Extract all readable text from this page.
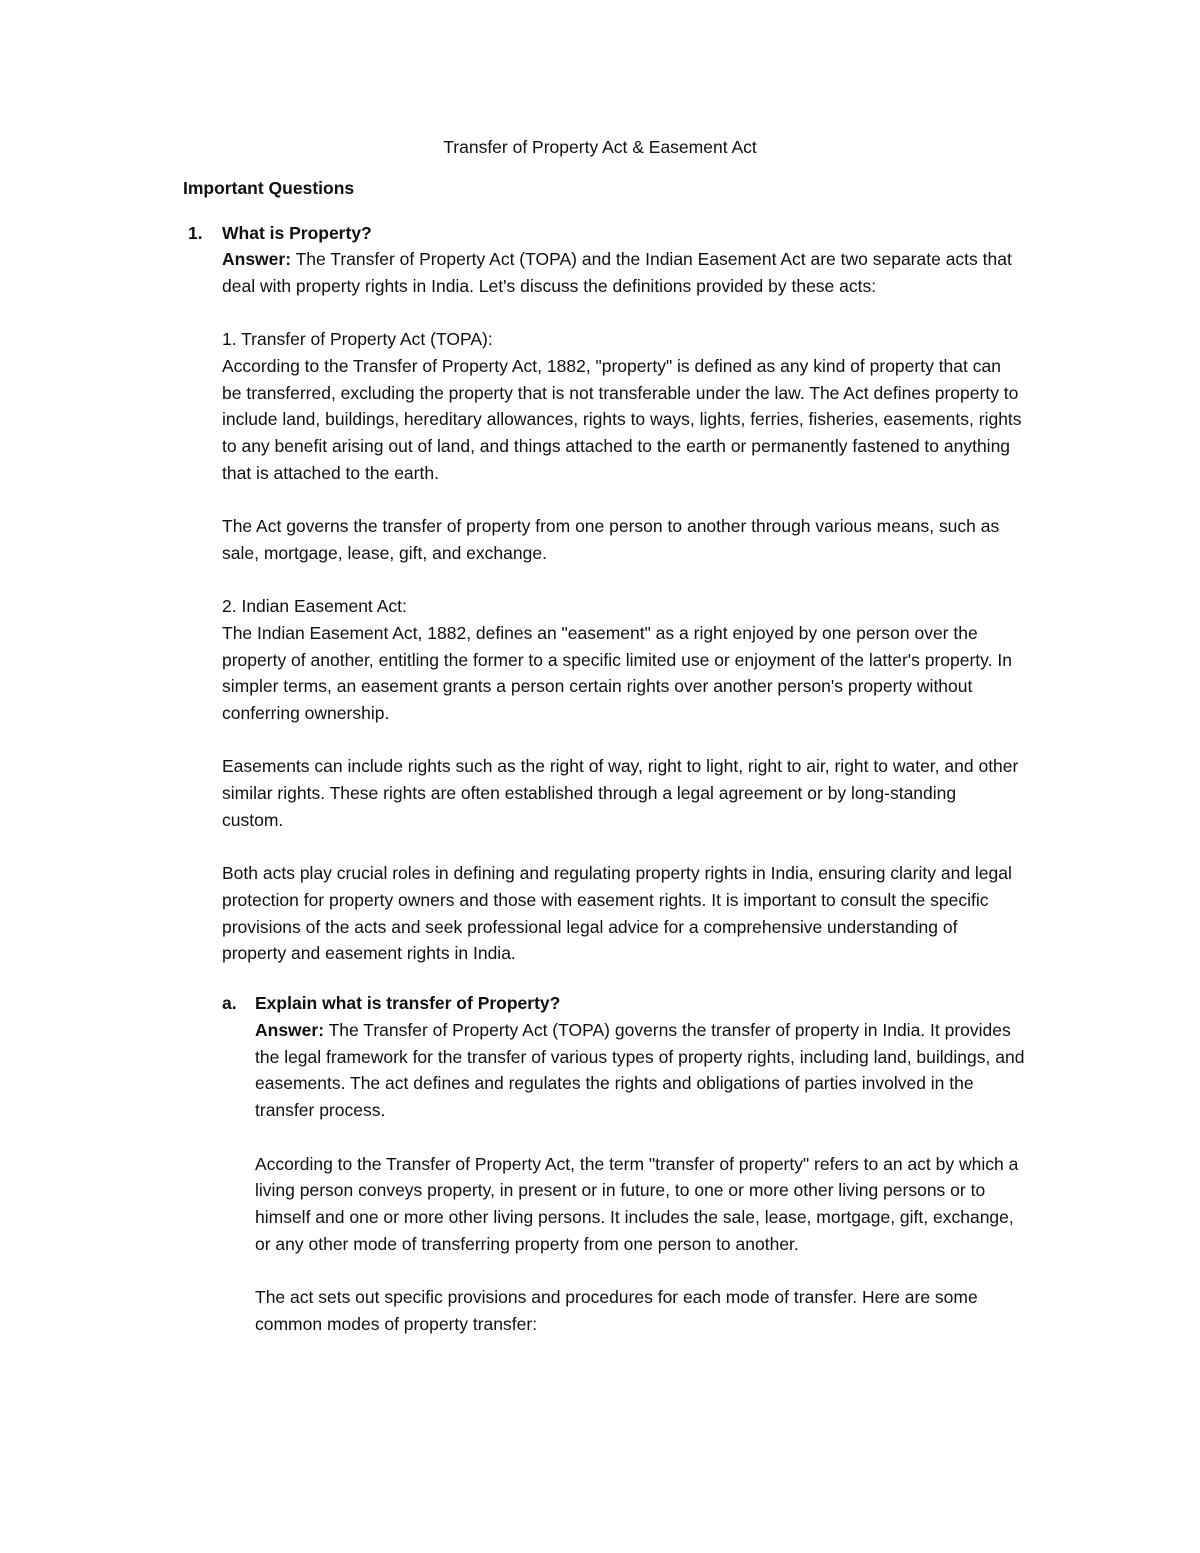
Transfer of Property Act & Easement Act
Important Questions
1. What is Property?

Answer: The Transfer of Property Act (TOPA) and the Indian Easement Act are two separate acts that deal with property rights in India. Let's discuss the definitions provided by these acts:

1. Transfer of Property Act (TOPA):

According to the Transfer of Property Act, 1882, "property" is defined as any kind of property that can be transferred, excluding the property that is not transferable under the law. The Act defines property to include land, buildings, hereditary allowances, rights to ways, lights, ferries, fisheries, easements, rights to any benefit arising out of land, and things attached to the earth or permanently fastened to anything that is attached to the earth.

The Act governs the transfer of property from one person to another through various means, such as sale, mortgage, lease, gift, and exchange.

2. Indian Easement Act:

The Indian Easement Act, 1882, defines an "easement" as a right enjoyed by one person over the property of another, entitling the former to a specific limited use or enjoyment of the latter's property. In simpler terms, an easement grants a person certain rights over another person's property without conferring ownership.

Easements can include rights such as the right of way, right to light, right to air, right to water, and other similar rights. These rights are often established through a legal agreement or by long-standing custom.

Both acts play crucial roles in defining and regulating property rights in India, ensuring clarity and legal protection for property owners and those with easement rights. It is important to consult the specific provisions of the acts and seek professional legal advice for a comprehensive understanding of property and easement rights in India.

a. Explain what is transfer of Property?

Answer: The Transfer of Property Act (TOPA) governs the transfer of property in India. It provides the legal framework for the transfer of various types of property rights, including land, buildings, and easements. The act defines and regulates the rights and obligations of parties involved in the transfer process.

According to the Transfer of Property Act, the term "transfer of property" refers to an act by which a living person conveys property, in present or in future, to one or more other living persons or to himself and one or more other living persons. It includes the sale, lease, mortgage, gift, exchange, or any other mode of transferring property from one person to another.

The act sets out specific provisions and procedures for each mode of transfer. Here are some common modes of property transfer:
